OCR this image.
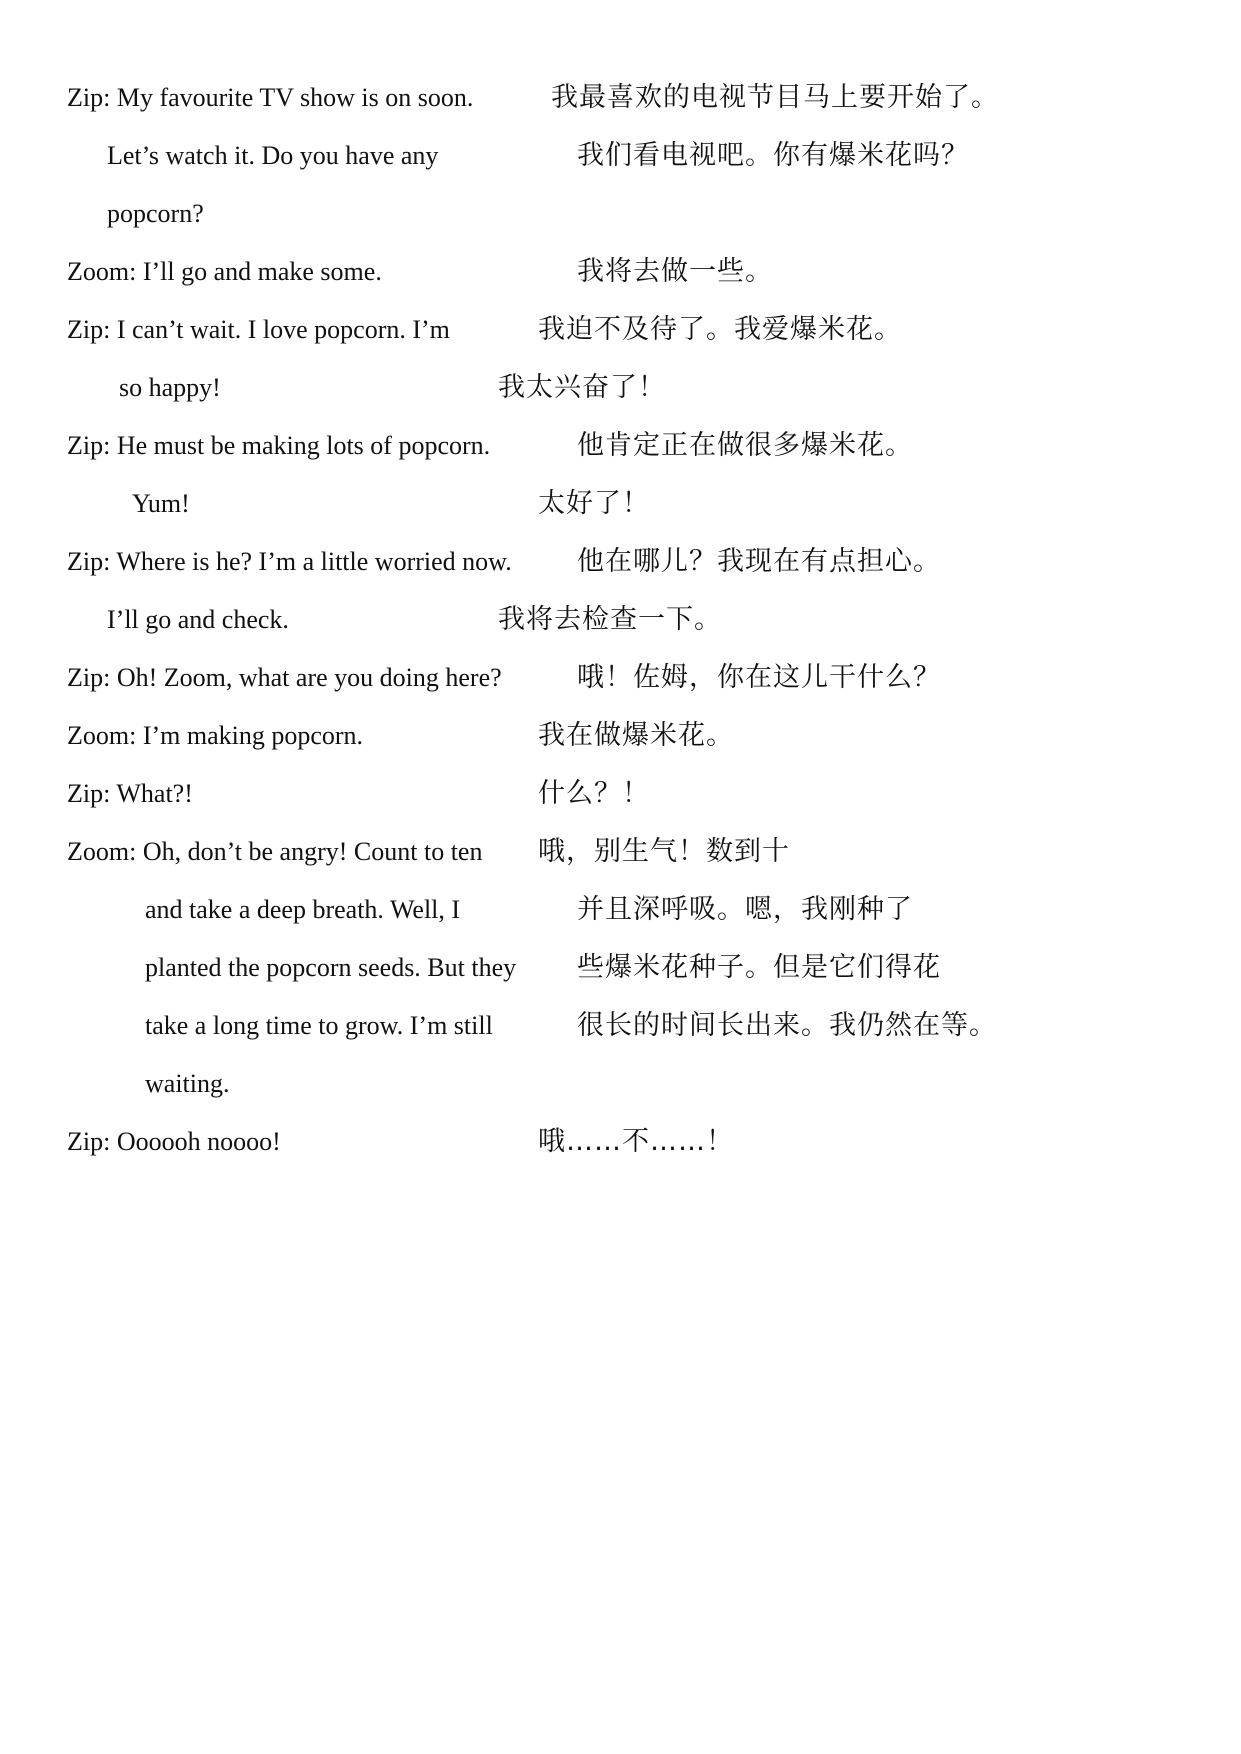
Zip: My favourite TV show is on soon.	我最喜欢的电视节目马上要开始了。
Let’s watch it. Do you have any	我们看电视吧。你有爆米花吗？
popcorn?
Zoom: I’ll go and make some.	我将去做一些。
Zip: I can’t wait. I love popcorn. I’m	我迫不及待了。我爱爆米花。
so happy!	我太兴奋了！
Zip: He must be making lots of popcorn.	他肯定正在做很多爆米花。
Yum!	太好了！
Zip: Where is he? I’m a little worried now. 他在哪儿？我现在有点担心。
I’ll go and check.	我将去检查一下。
Zip: Oh! Zoom, what are you doing here?	哦！佐姆，你在这儿干什么？
Zoom: I’m making popcorn.	我在做爆米花。
Zip: What?!	什么？！
Zoom: Oh, don’t be angry! Count to ten 哦，别生气！数到十
and take a deep breath. Well, I	并且深呼吸。嗯，我刚种了
planted the popcorn seeds. But they 些爆米花种子。但是它们得花
take a long time to grow. I’m still	很长的时间长出来。我仍然在等。
waiting.
Zip: Oooooh noooo!	哦……不……！
